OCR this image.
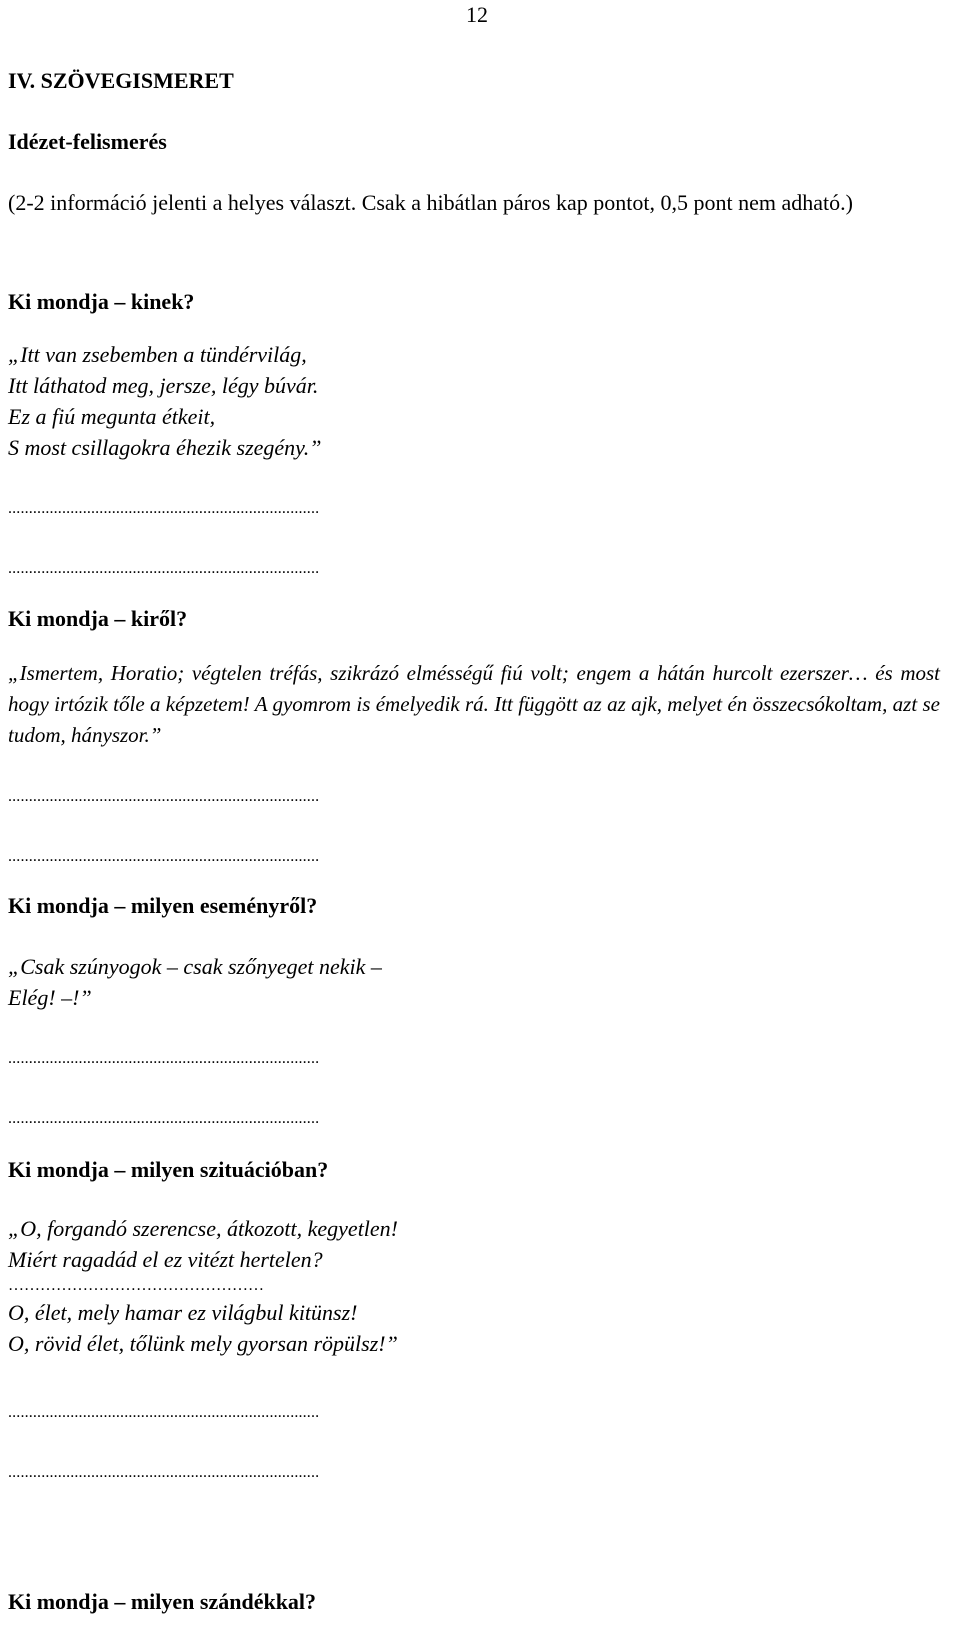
12
IV. SZÖVEGISMERET
Idézet-felismerés
(2-2 információ jelenti a helyes választ. Csak a hibátlan páros kap pontot, 0,5 pont nem adható.)
Ki mondja – kinek?
„Itt van zsebemben a tündérvilág,
Itt láthatod meg, jersze, légy búvár.
Ez a fiú megunta étkeit,
S most csillagokra éhezik szegény.”
...........................................................................
...........................................................................
Ki mondja – kiről?
„Ismertem, Horatio; végtelen tréfás, szikrázó elmésségű fiú volt; engem a hátán hurcolt ezerszer… és most hogy irtózik tőle a képzetem! A gyomrom is émelyedik rá. Itt függött az az ajk, melyet én összecsókoltam, azt se tudom, hányszor.”
...........................................................................
...........................................................................
Ki mondja – milyen eseményről?
„Csak szúnyogok – csak szőnyeget nekik –
Elég! –!”
...........................................................................
...........................................................................
Ki mondja – milyen szituációban?
„O, forgandó szerencse, átkozott, kegyetlen!
Miért ragadád el ez vitézt hertelen?
…………………………………………
O, élet, mely hamar ez világbul kitünsz!
O, rövid élet, tőlünk mely gyorsan röpülsz!”
...........................................................................
...........................................................................
Ki mondja – milyen szándékkal?
